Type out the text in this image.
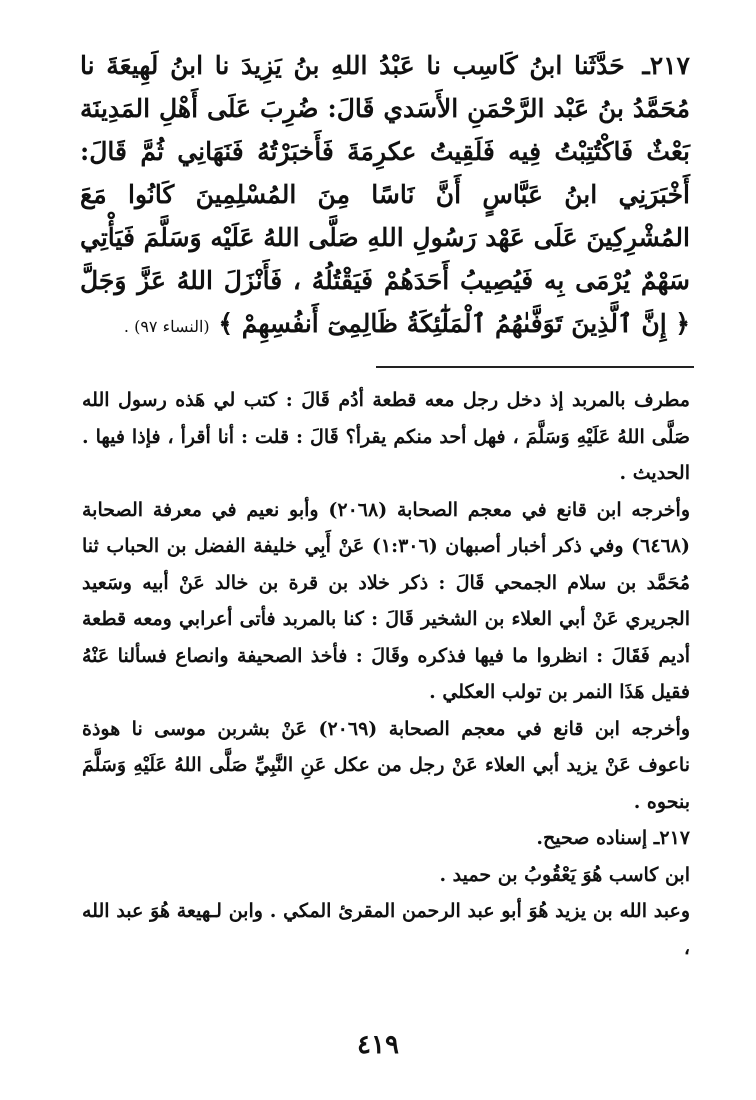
٢١٧ـ حَدَّثَنا ابنُ كَاسِب نا عَبْدُ اللهِ بنُ يَزِيدَ نا ابنُ لَهِيعَةَ نا مُحَمَّدُ بنُ عَبْد الرَّحْمَنِ الأَسَدي قَالَ: ضُرِبَ عَلَى أَهْلِ المَدِينَة بَعْثٌ فَاكْتُتِبْتُ فِيه فَلَقِيتُ عكرِمَةَ فَأَخبَرْتُهُ فَنَهَانِي ثُمَّ قَالَ: أَخْبَرَنِي ابنُ عَبَّاسٍ أَنَّ نَاسًا مِنَ المُسْلِمِينَ كَانُوا مَعَ المُشْرِكِينَ عَلَى عَهْد رَسُولِ اللهِ صَلَّى اللهُ عَلَيْه وَسَلَّمَ فَيَأْتِي سَهْمٌ يُرْمَى بِه فَيُصِيبُ أَحَدَهُمْ فَيَقْتُلُهُ ، فَأَنْزَلَ اللهُ عَزَّ وَجَلَّ ﴿ إِنَّ ٱلَّذِينَ تَوَفَّىٰهُمُ ٱلْمَلَٰٓئِكَةُ ظَالِمِىٓ أَنفُسِهِمْ ﴾ (النساء ٩٧) .

مطرف بالمربد إذ دخل رجل معه قطعة أدُم قَالَ : كتب لي هَذه رسول الله صَلَّى اللهُ عَلَيْهِ وَسَلَّمَ ، فهل أحد منكم يقرأ؟ قَالَ : قلت : أنا أقرأ ، فإذا فيها . الحديث .

وأخرجه ابن قانع في معجم الصحابة (٢٠٦٨) وأبو نعيم في معرفة الصحابة (٦٤٦٨) وفي ذكر أخبار أصبهان (١:٣٠٦) عَنْ أَبِي خليفة الفضل بن الحباب ثنا مُحَمَّد بن سلام الجمحي قَالَ : ذكر خلاد بن قرة بن خالد عَنْ أبيه وسَعيد الجريري عَنْ أبي العلاء بن الشخير قَالَ : كنا بالمربد فأتى أعرابي ومعه قطعة أديم فَقَالَ : انظروا ما فيها فذكره وقَالَ : فأخذ الصحيفة وانصاع فسألنا عَنْهُ فقيل هَذَا النمر بن تولب العكلي .

وأخرجه ابن قانع في معجم الصحابة (٢٠٦٩) عَنْ بشربن موسى نا هوذة ناعوف عَنْ يزيد أبي العلاء عَنْ رجل من عكل عَنِ النَّبِيِّ صَلَّى اللهُ عَلَيْهِ وَسَلَّمَ بنحوه .

٢١٧ـ إسناده صحيح.

ابن كاسب هُوَ يَعْقُوبُ بن حميد .

وعبد الله بن يزيد هُوَ أبو عبد الرحمن المقرئ المكي . وابن لـهيعة هُوَ عبد الله ،

٤١٩
